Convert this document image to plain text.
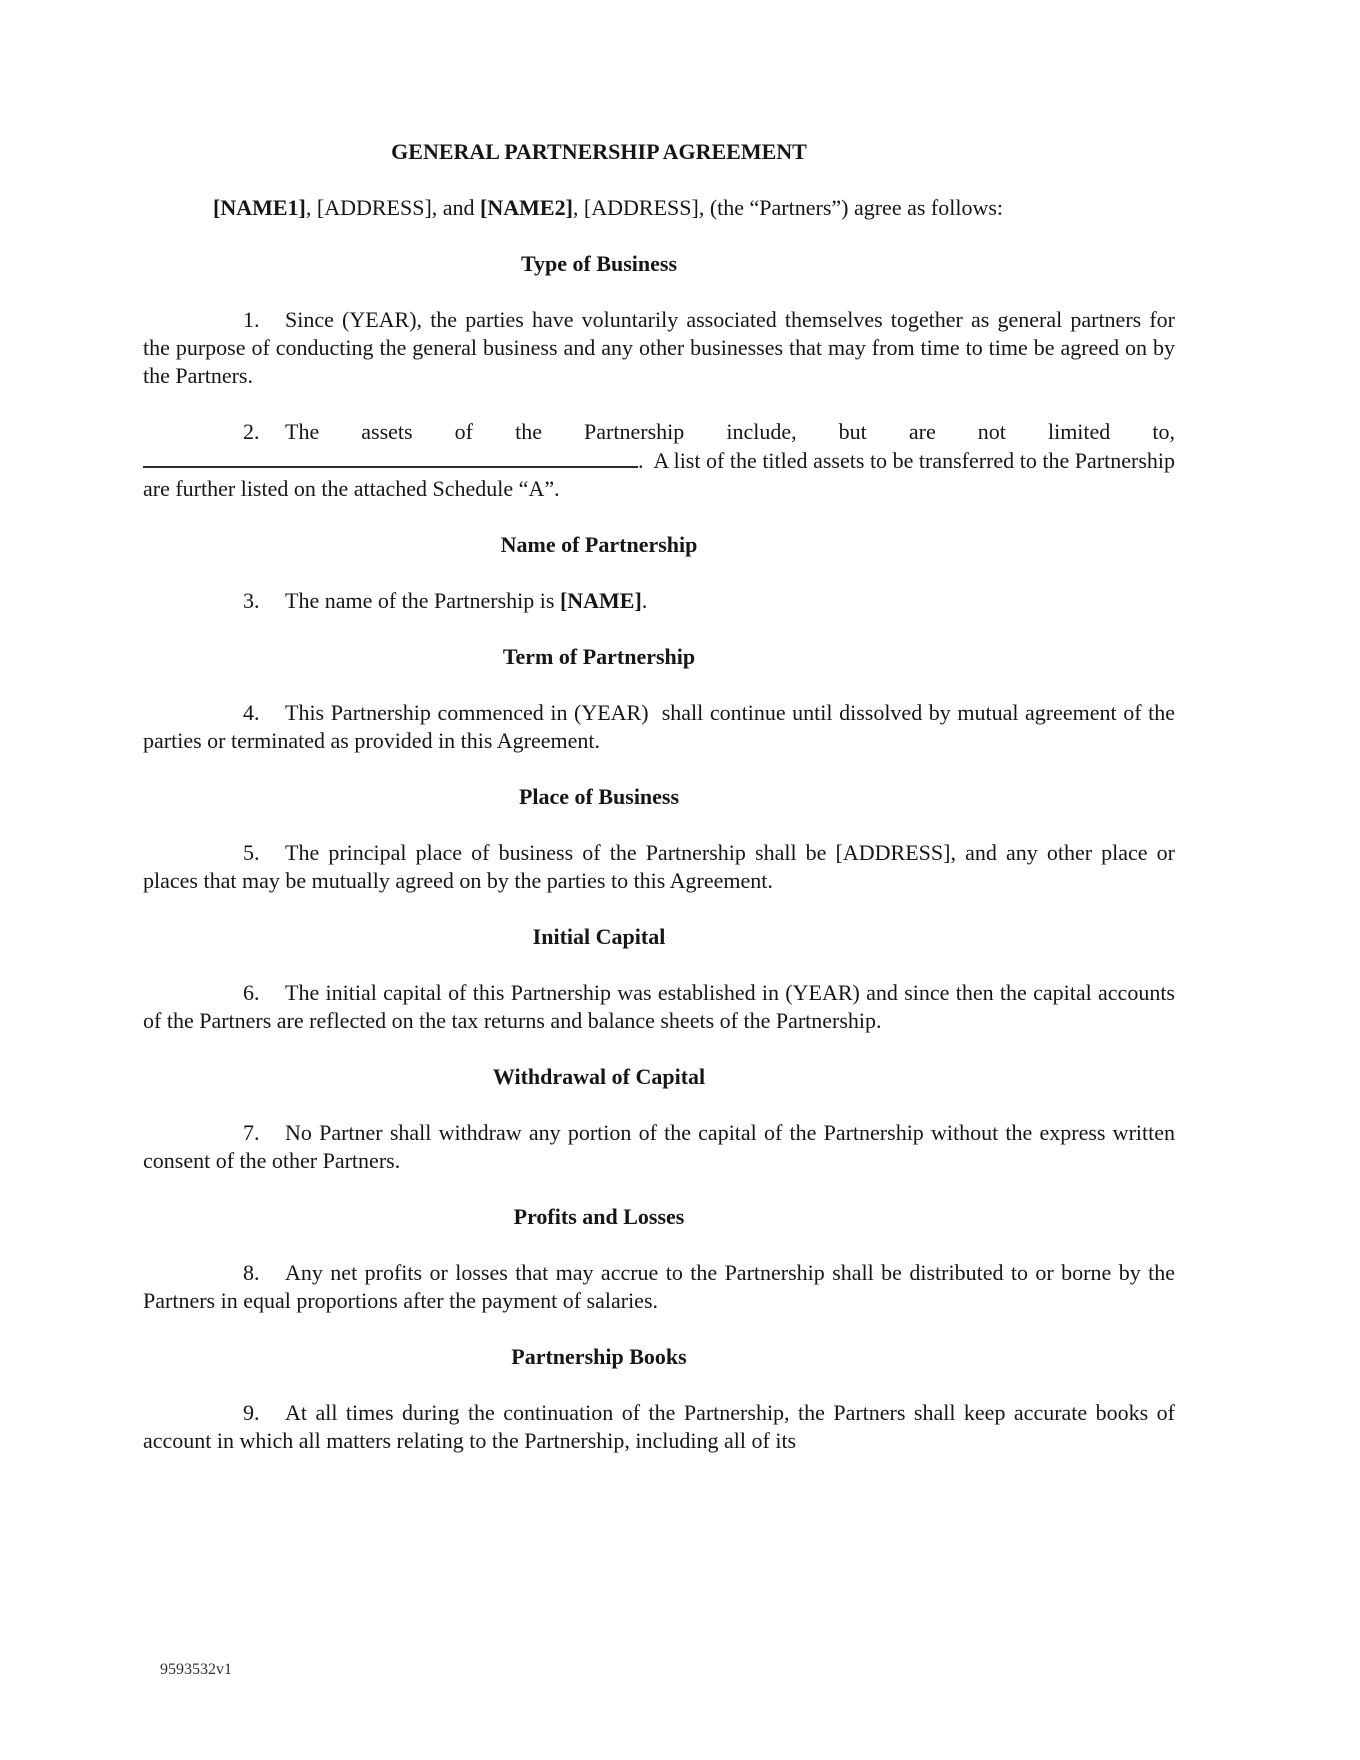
GENERAL PARTNERSHIP AGREEMENT

[NAME1], [ADDRESS], and [NAME2], [ADDRESS], (the “Partners”) agree as follows:

Type of Business

1. Since (YEAR), the parties have voluntarily associated themselves together as general partners for the purpose of conducting the general business and any other businesses that may from time to time be agreed on by the Partners.

2. The assets of the Partnership include, but are not limited to, .  A list of the titled assets to be transferred to the Partnership are further listed on the attached Schedule “A”.

Name of Partnership

3. The name of the Partnership is [NAME].

Term of Partnership

4. This Partnership commenced in (YEAR)  shall continue until dissolved by mutual agreement of the parties or terminated as provided in this Agreement.

Place of Business

5. The principal place of business of the Partnership shall be [ADDRESS], and any other place or places that may be mutually agreed on by the parties to this Agreement.

Initial Capital

6. The initial capital of this Partnership was established in (YEAR) and since then the capital accounts of the Partners are reflected on the tax returns and balance sheets of the Partnership.

Withdrawal of Capital

7. No Partner shall withdraw any portion of the capital of the Partnership without the express written consent of the other Partners.

Profits and Losses

8. Any net profits or losses that may accrue to the Partnership shall be distributed to or borne by the Partners in equal proportions after the payment of salaries.

Partnership Books

9. At all times during the continuation of the Partnership, the Partners shall keep accurate books of account in which all matters relating to the Partnership, including all of its

9593532v1
